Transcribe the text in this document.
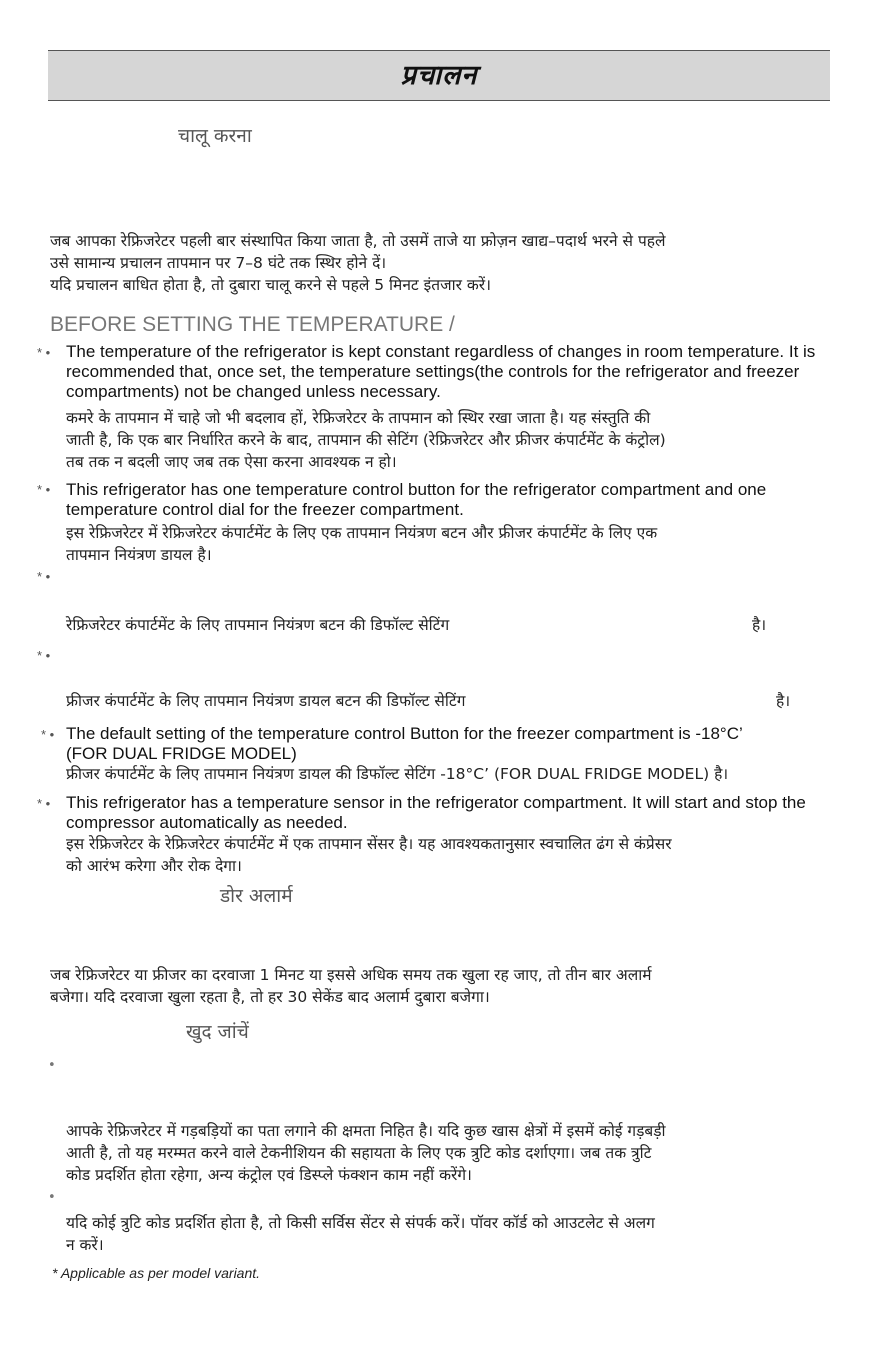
प्रचालन
चालू करना
जब आपका रेफ्रिजरेटर पहली बार संस्थापित किया जाता है, तो उसमें ताजे या फ्रोज़न खाद्य–पदार्थ भरने से पहले
उसे सामान्य प्रचालन तापमान पर 7–8 घंटे तक स्थिर होने दें।
यदि प्रचालन बाधित होता है, तो दुबारा चालू करने से पहले 5 मिनट इंतजार करें।
BEFORE SETTING THE TEMPERATURE /
* • The temperature of the refrigerator is kept constant regardless of changes in room temperature. It is
recommended that, once set, the temperature settings(the controls for the refrigerator and freezer
compartments) not be changed unless necessary.
कमरे के तापमान में चाहे जो भी बदलाव हों, रेफ्रिजरेटर के तापमान को स्थिर रखा जाता है। यह संस्तुति की
जाती है, कि एक बार निर्धारित करने के बाद, तापमान की सेटिंग (रेफ्रिजरेटर और फ्रीजर कंपार्टमेंट के कंट्रोल)
तब तक न बदली जाए जब तक ऐसा करना आवश्यक न हो।
* • This refrigerator has one temperature control button for the refrigerator compartment and one
temperature control dial for the freezer compartment.
इस रेफ्रिजरेटर में रेफ्रिजरेटर कंपार्टमेंट के लिए एक तापमान नियंत्रण बटन और फ्रीजर कंपार्टमेंट के लिए एक
तापमान नियंत्रण डायल है।
* •
रेफ्रिजरेटर कंपार्टमेंट के लिए तापमान नियंत्रण बटन की डिफॉल्ट सेटिंग	है।
* •
फ्रीजर कंपार्टमेंट के लिए तापमान नियंत्रण डायल बटन की डिफॉल्ट सेटिंग	है।
* • The default setting of the temperature control Button for the freezer compartment is -18°C’
(FOR DUAL FRIDGE MODEL)
फ्रीजर कंपार्टमेंट के लिए तापमान नियंत्रण डायल की डिफॉल्ट सेटिंग -18°C’ (FOR DUAL FRIDGE MODEL) है।
* • This refrigerator has a temperature sensor in the refrigerator compartment. It will start and stop the
compressor automatically as needed.
इस रेफ्रिजरेटर के रेफ्रिजरेटर कंपार्टमेंट में एक तापमान सेंसर है। यह आवश्यकतानुसार स्वचालित ढंग से कंप्रेसर
को आरंभ करेगा और रोक देगा।
डोर अलार्म
जब रेफ्रिजरेटर या फ्रीजर का दरवाजा 1 मिनट या इससे अधिक समय तक खुला रह जाए, तो तीन बार अलार्म
बजेगा। यदि दरवाजा खुला रहता है, तो हर 30 सेकेंड बाद अलार्म दुबारा बजेगा।
खुद जांचें
•
आपके रेफ्रिजरेटर में गड़बड़ियों का पता लगाने की क्षमता निहित है। यदि कुछ खास क्षेत्रों में इसमें कोई गड़बड़ी
आती है, तो यह मरम्मत करने वाले टेकनीशियन की सहायता के लिए एक त्रुटि कोड दर्शाएगा। जब तक त्रुटि
कोड प्रदर्शित होता रहेगा, अन्य कंट्रोल एवं डिस्प्ले फंक्शन काम नहीं करेंगे।
•
यदि कोई त्रुटि कोड प्रदर्शित होता है, तो किसी सर्विस सेंटर से संपर्क करें। पॉवर कॉर्ड को आउटलेट से अलग
न करें।
* Applicable as per model variant.
